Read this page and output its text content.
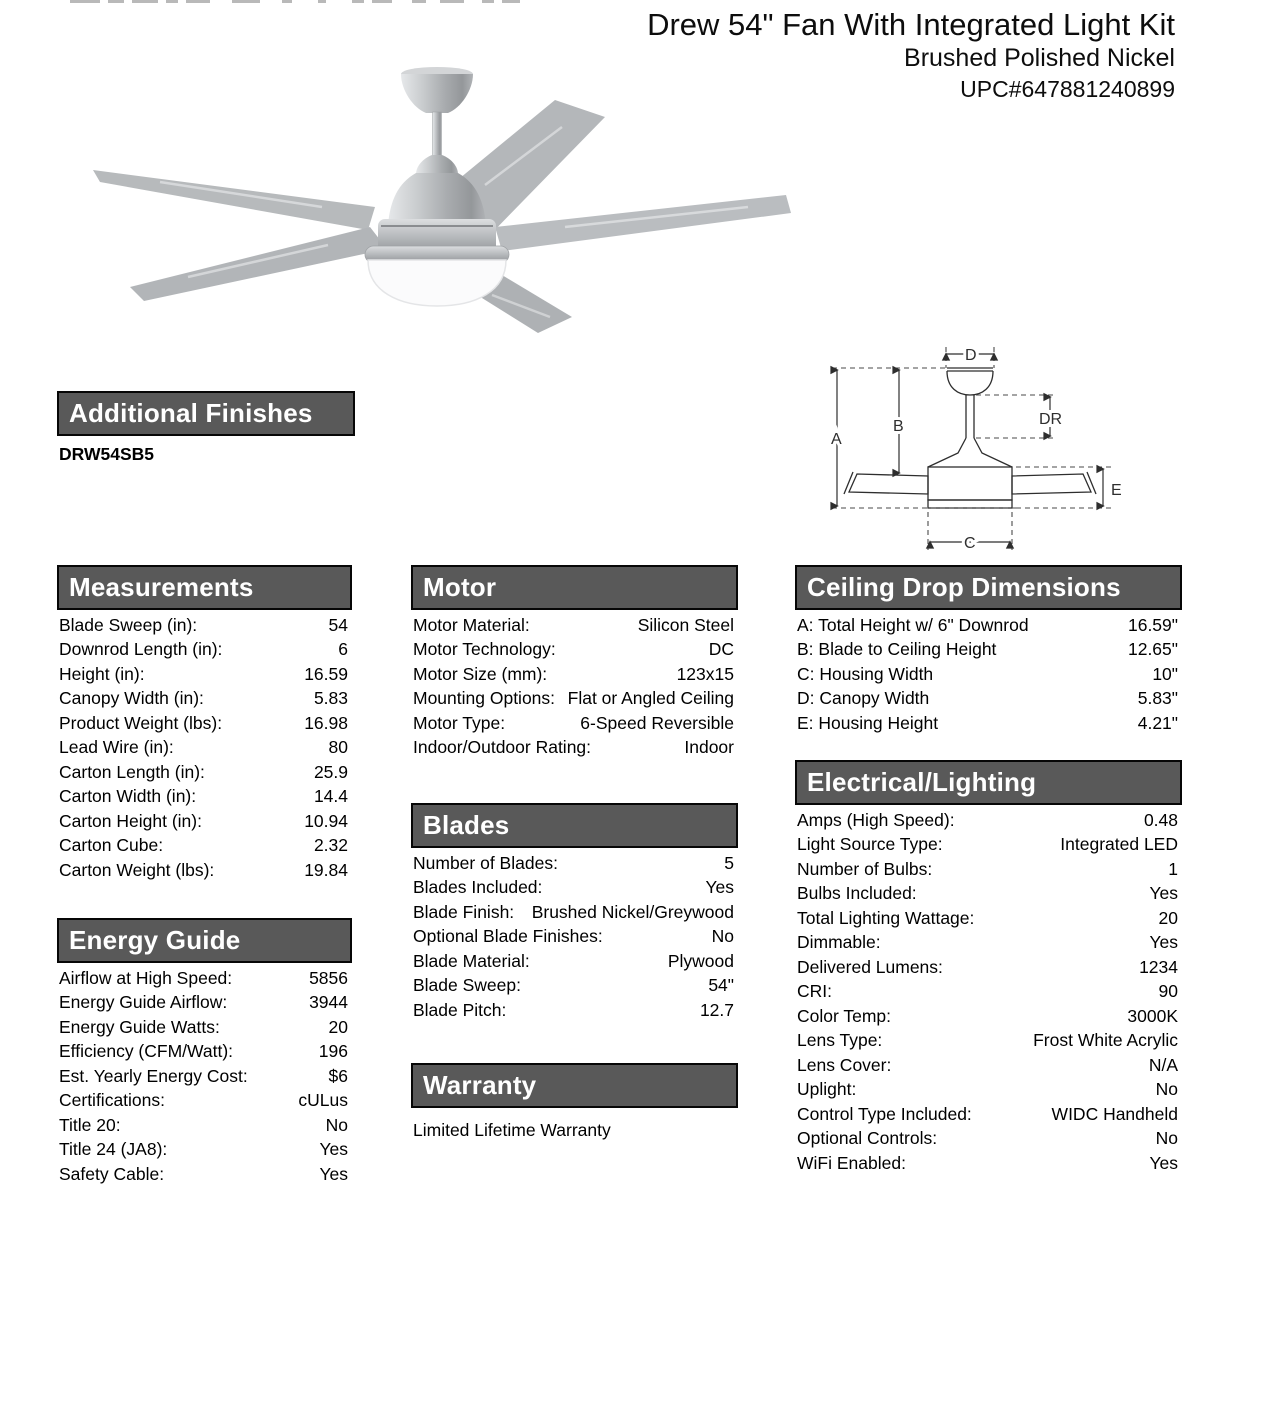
Drew 54" Fan With Integrated Light Kit
Brushed Polished Nickel
UPC#647881240899
Additional Finishes
DRW54SB5
D
A
B	DR
E
C
Measurements
Blade Sweep (in):	54
Downrod Length (in):	6
Height (in):	16.59
Canopy Width (in):	5.83
Product Weight (lbs):	16.98
Lead Wire (in):	80
Carton Length (in):	25.9
Carton Width (in):	14.4
Carton Height (in):	10.94
Carton Cube:	2.32
Carton Weight (lbs):	19.84
Energy Guide
Airflow at High Speed:	5856
Energy Guide Airflow:	3944
Energy Guide Watts:	20
Efficiency (CFM/Watt):	196
Est. Yearly Energy Cost:	$6
Certifications:	cULus
Title 20:	No
Title 24 (JA8):	Yes
Safety Cable:	Yes
Motor
Motor Material:	Silicon Steel
Motor Technology:	DC
Motor Size (mm):	123x15
Mounting Options: Flat or Angled Ceiling
Motor Type:	6-Speed Reversible
Indoor/Outdoor Rating:	Indoor
Blades
Number of Blades:	5
Blades Included:	Yes
Blade Finish: Brushed Nickel/Greywood
Optional Blade Finishes:	No
Blade Material:	Plywood
Blade Sweep:	54"
Blade Pitch:	12.7
Warranty
Limited Lifetime Warranty
Ceiling Drop Dimensions
A: Total Height w/ 6" Downrod	16.59"
B: Blade to Ceiling Height	12.65"
C: Housing Width	10"
D: Canopy Width	5.83"
E: Housing Height	4.21"
Electrical/Lighting
Amps (High Speed):	0.48
Light Source Type:	Integrated LED
Number of Bulbs:	1
Bulbs Included:	Yes
Total Lighting Wattage:	20
Dimmable:	Yes
Delivered Lumens:	1234
CRI:	90
Color Temp:	3000K
Lens Type:	Frost White Acrylic
Lens Cover:	N/A
Uplight:	No
Control Type Included:	WIDC Handheld
Optional Controls:	No
WiFi Enabled:	Yes
